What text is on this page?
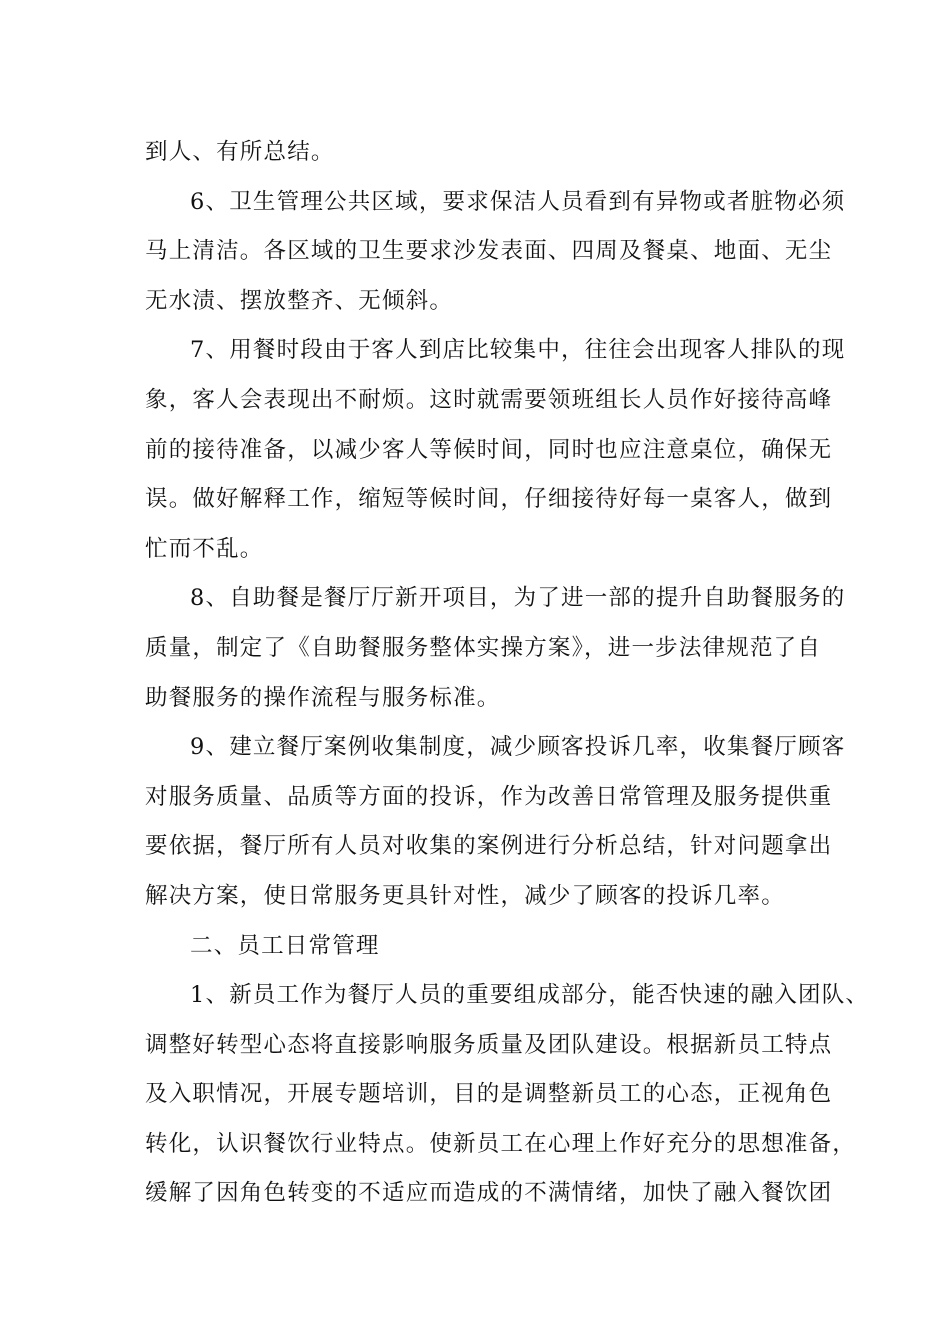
到人、有所总结。
6、卫生管理公共区域，要求保洁人员看到有异物或者脏物必须
马上清洁。各区域的卫生要求沙发表面、四周及餐桌、地面、无尘
无水渍、摆放整齐、无倾斜。
7、用餐时段由于客人到店比较集中，往往会出现客人排队的现
象，客人会表现出不耐烦。这时就需要领班组长人员作好接待高峰
前的接待准备，以减少客人等候时间，同时也应注意桌位，确保无
误。做好解释工作，缩短等候时间，仔细接待好每一桌客人，做到
忙而不乱。
8、自助餐是餐厅厅新开项目，为了进一部的提升自助餐服务的
质量，制定了《自助餐服务整体实操方案》，进一步法律规范了自
助餐服务的操作流程与服务标准。
9、建立餐厅案例收集制度，减少顾客投诉几率，收集餐厅顾客
对服务质量、品质等方面的投诉，作为改善日常管理及服务提供重
要依据，餐厅所有人员对收集的案例进行分析总结，针对问题拿出
解决方案，使日常服务更具针对性，减少了顾客的投诉几率。
二、员工日常管理
1、新员工作为餐厅人员的重要组成部分，能否快速的融入团队、
调整好转型心态将直接影响服务质量及团队建设。根据新员工特点
及入职情况，开展专题培训，目的是调整新员工的心态，正视角色
转化，认识餐饮行业特点。使新员工在心理上作好充分的思想准备，
缓解了因角色转变的不适应而造成的不满情绪，加快了融入餐饮团
